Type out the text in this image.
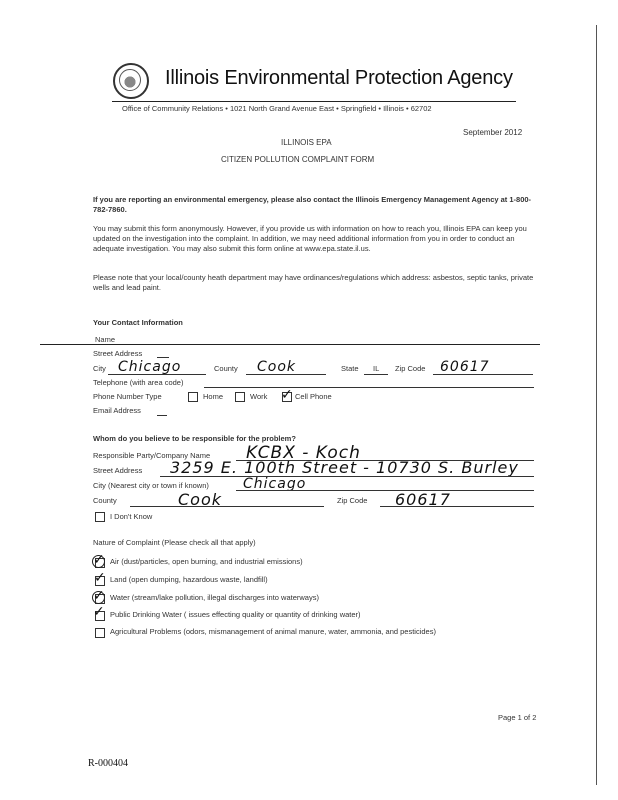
Illinois Environmental Protection Agency
Office of Community Relations • 1021 North Grand Avenue East • Springfield • Illinois • 62702
September 2012
ILLINOIS EPA
CITIZEN POLLUTION COMPLAINT FORM
If you are reporting an environmental emergency, please also contact the Illinois Emergency Management Agency at 1-800-782-7860.
You may submit this form anonymously. However, if you provide us with information on how to reach you, Illinois EPA can keep you updated on the investigation into the complaint. In addition, we may need additional information from you in order to conduct an adequate investigation. You may also submit this form online at www.epa.state.il.us.
Please note that your local/county heath department may have ordinances/regulations which address: asbestos, septic tanks, private wells and lead paint.
Your Contact Information
Name
Street Address
City Chicago	County Cook	State IL Zip Code 60617
Telephone (with area code)
Phone Number Type	Home	Work ✓ Cell Phone
Email Address
Whom do you believe to be responsible for the problem?
Responsible Party/Company Name KCBX - Koch
Street Address 3259 E. 100th Street - 10730 S. Burley
City (Nearest city or town if known) Chicago
County	Cook	Zip Code 60617
I Don't Know
Nature of Complaint (Please check all that apply)
✓ Air (dust/particles, open burning, and industrial emissions)
✓ Land (open dumping, hazardous waste, landfill)
✓ Water (stream/lake pollution, illegal discharges into waterways)
✓ Public Drinking Water ( issues effecting quality or quantity of drinking water)
Agricultural Problems (odors, mismanagement of animal manure, water, ammonia, and pesticides)
Page 1 of 2
R-000404
